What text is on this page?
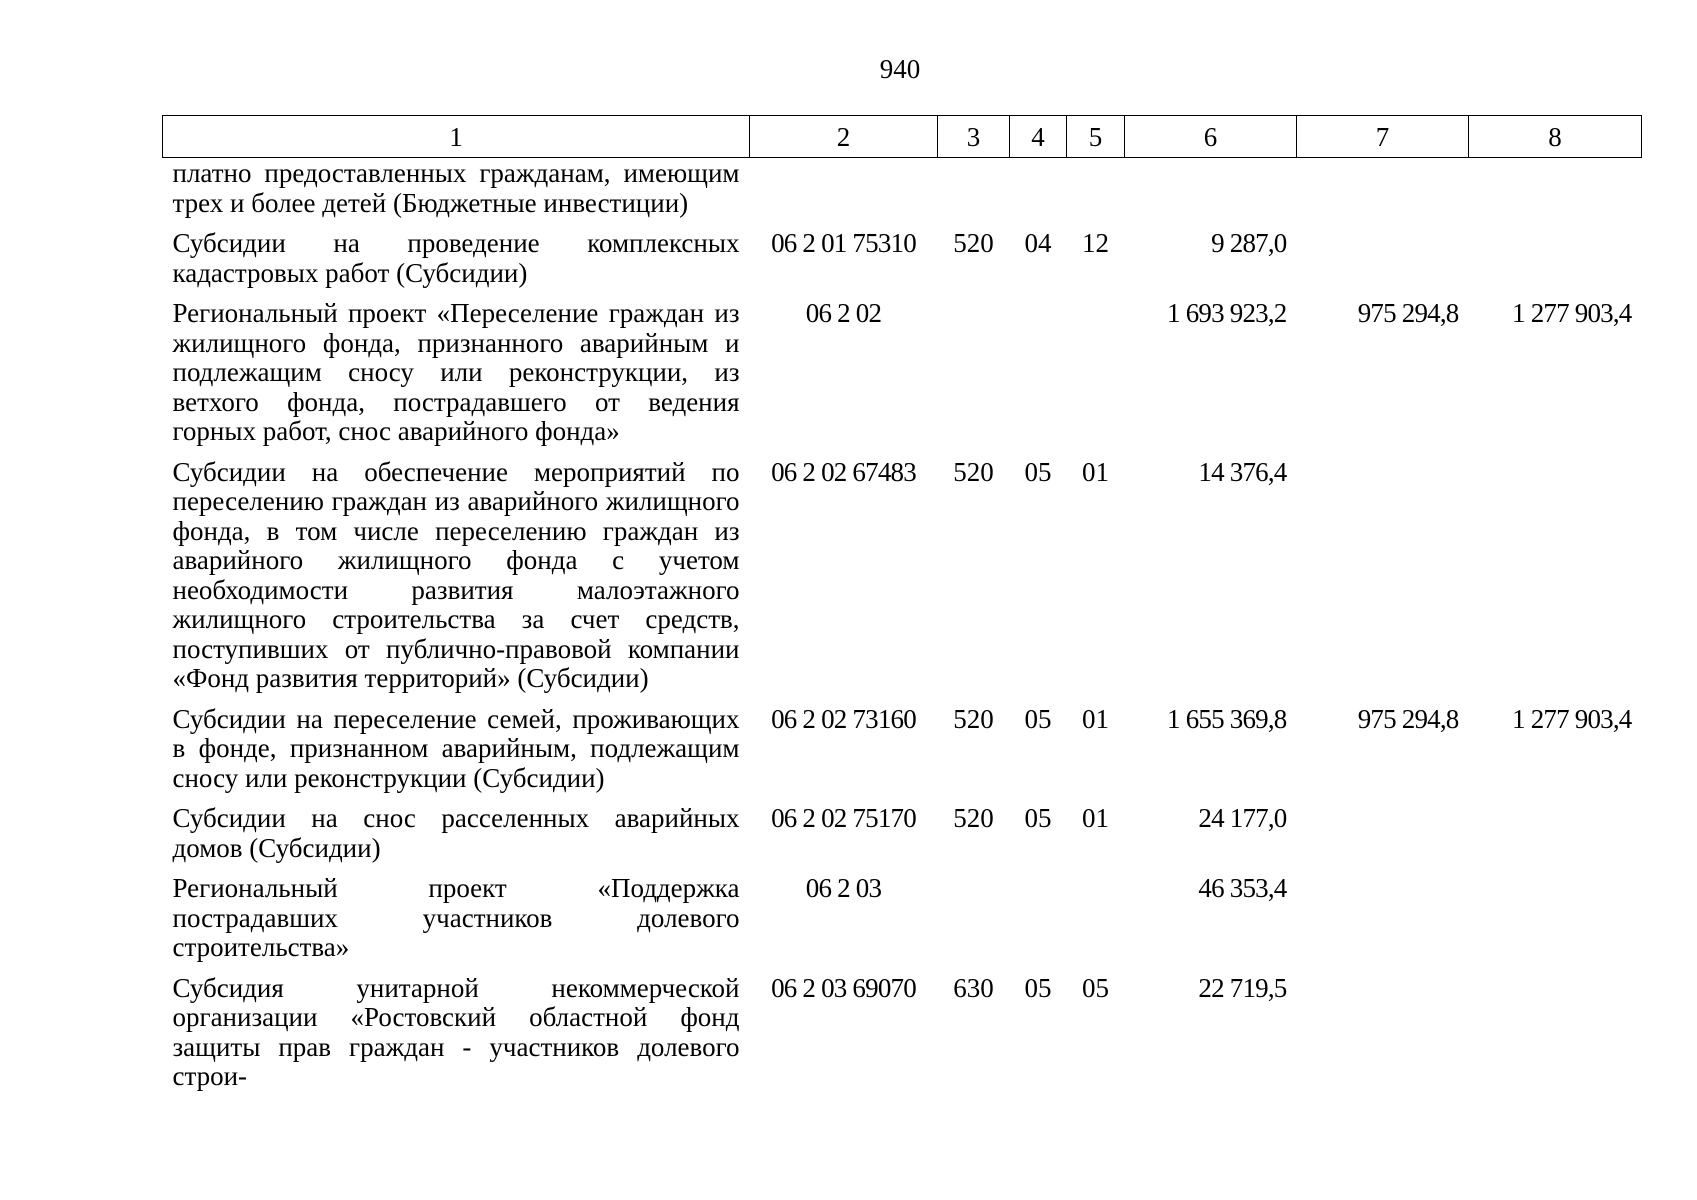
940
1	2	3	4	5	6	7	8
платно предоставленных гражданам, имеющим трех и более детей (Бюджетные инвестиции)							
Субсидии на проведение комплексных кадастровых работ (Субсидии)	06 2 01 75310	520	04	12	9 287,0		
Региональный проект «Переселение граждан из жилищного фонда, признанного аварийным и подлежащим сносу или реконструкции, из ветхого фонда, пострадавшего от ведения горных работ, снос аварийного фонда»	06 2 02				1 693 923,2	975 294,8	1 277 903,4
Субсидии на обеспечение мероприятий по переселению граждан из аварийного жилищного фонда, в том числе переселению граждан из аварийного жилищного фонда с учетом необходимости развития малоэтажного жилищного строительства за счет средств, поступивших от публично-правовой компании «Фонд развития территорий» (Субсидии)	06 2 02 67483	520	05	01	14 376,4		
Субсидии на переселение семей, проживающих в фонде, признанном аварийным, подлежащим сносу или реконструкции (Субсидии)	06 2 02 73160	520	05	01	1 655 369,8	975 294,8	1 277 903,4
Субсидии на снос расселенных аварийных домов (Субсидии)	06 2 02 75170	520	05	01	24 177,0		
Региональный проект «Поддержка пострадавших участников долевого строительства»	06 2 03				46 353,4		
Субсидия унитарной некоммерческой организации «Ростовский областной фонд защиты прав граждан - участников долевого строи-	06 2 03 69070	630	05	05	22 719,5		
